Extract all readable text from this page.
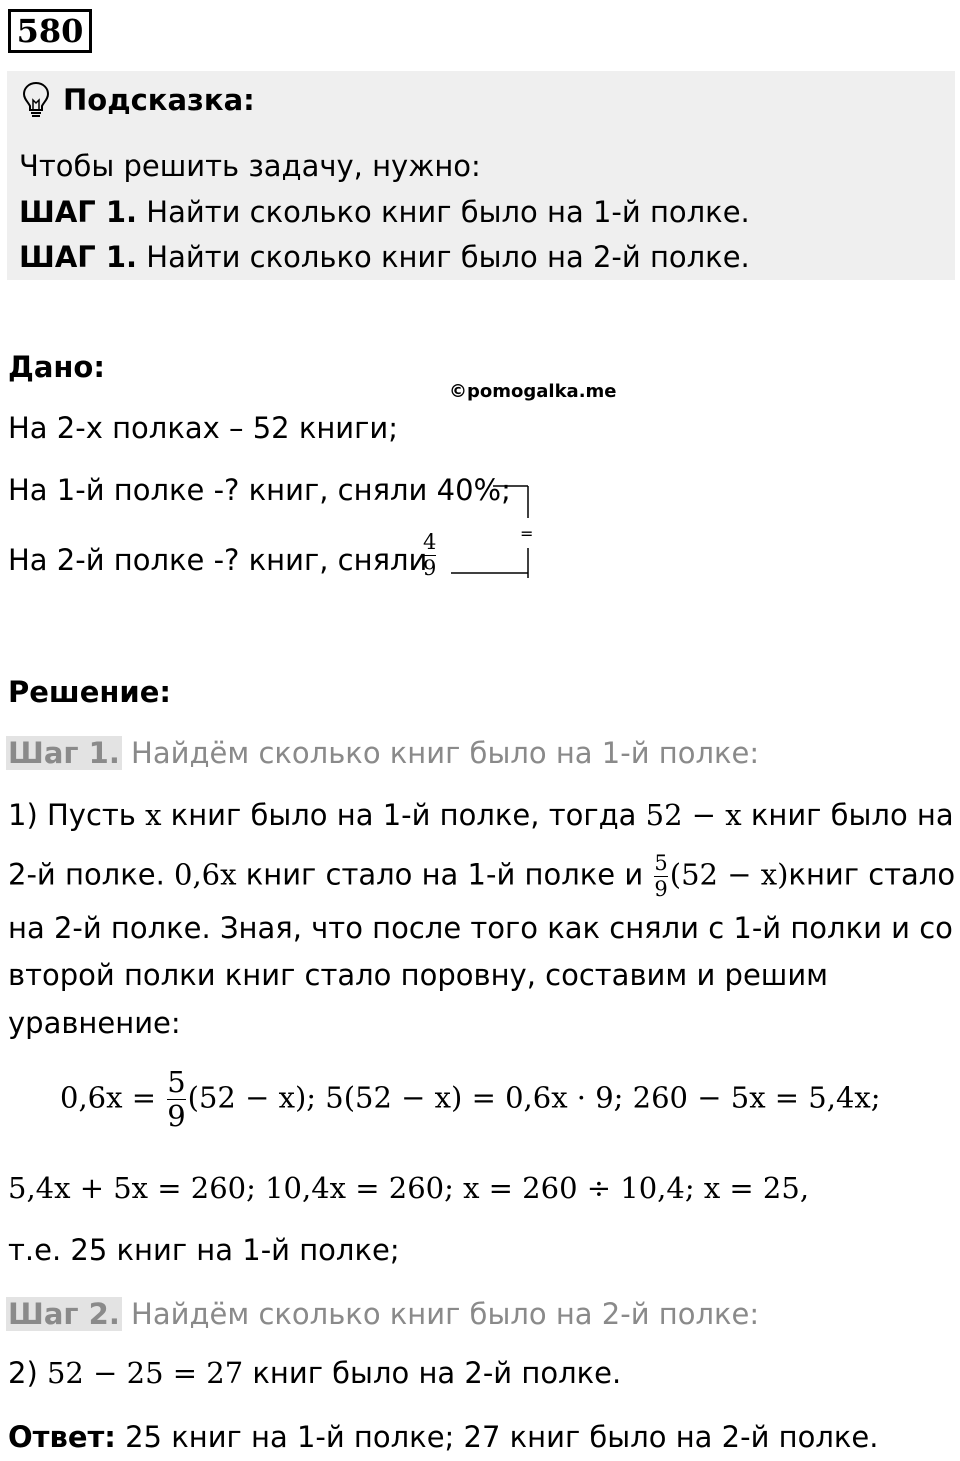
580
Подсказка:
Чтобы решить задачу, нужно:
ШАГ 1. Найти сколько книг было на 1-й полке.
ШАГ 1. Найти сколько книг было на 2-й полке.
Дано:
©pomogalka.me
На 2-х полках – 52 книги;
На 1-й полке -? книг, сняли 40%;
На 2-й полке -? книг, сняли
4
9
=
Решение:
Шаг 1. Найдём сколько книг было на 1-й полке:
1) Пусть x книг было на 1-й полке, тогда 52 − x книг было на
2-й полке. 0,6x книг стало на 1-й полке и $\frac{5}{9} (52$ − x)книг стало
на 2-й полке. Зная, что после того как сняли с 1-й полки и со
второй полки книг стало поровну, составим и решим
уравнение:
$0,6x = \frac{5}{9} (52 - x)$; 5(52 − x) = 0,6x · 9; 260 − 5x = 5,4x;
5,4x + 5x = 260; 10,4x = 260; x = 260 ÷ 10,4; x = 25,
т.е. 25 книг на 1-й полке;
Шаг 2. Найдём сколько книг было на 2-й полке:
2) 52 − 25 = 27 книг было на 2-й полке.
Ответ: 25 книг на 1-й полке; 27 книг было на 2-й полке.
